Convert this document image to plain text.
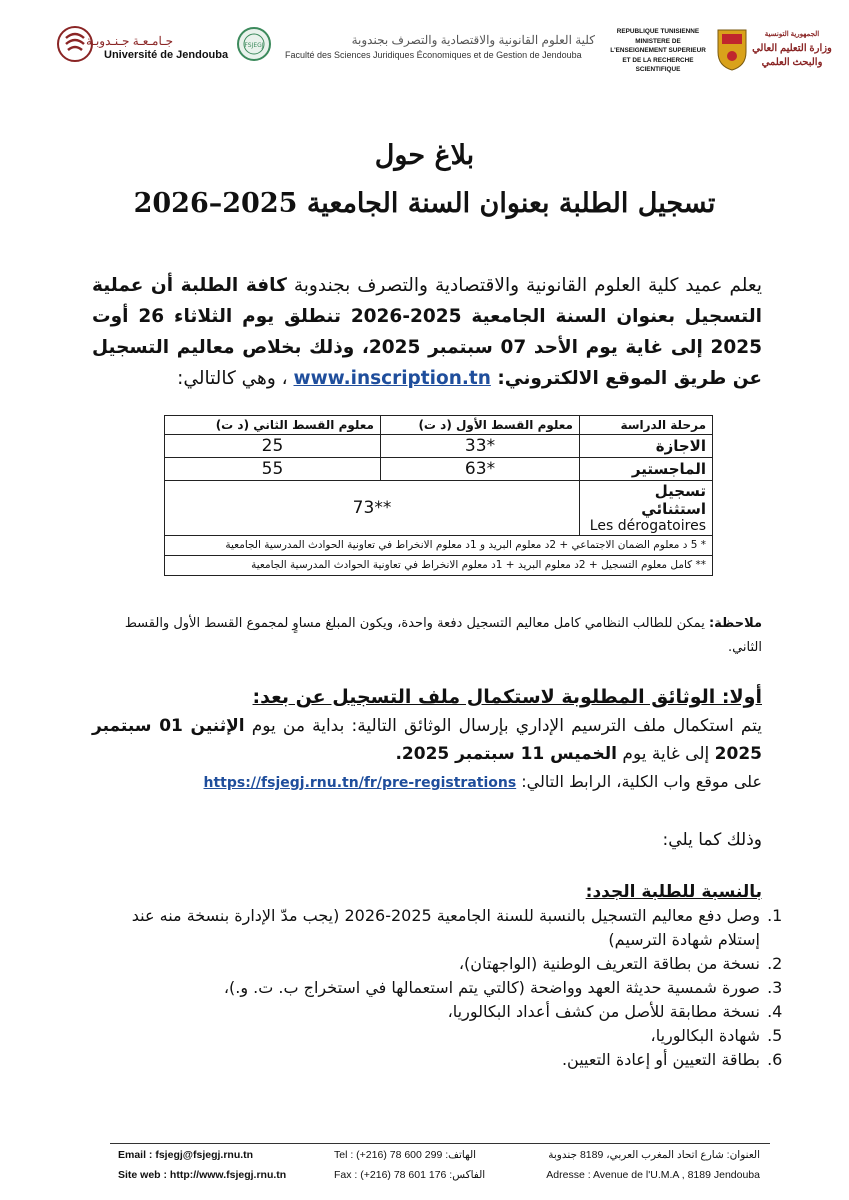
جـامـعـة جـنـدوبـة
Université de Jendouba
FSJEGJ	كلية العلوم القانونية والاقتصادية والتصرف بجندوبة
Faculté des Sciences Juridiques Économiques et de Gestion de Jendouba
REPUBLIQUE TUNISIENNE
MINISTERE DE
L'ENSEIGNEMENT SUPERIEUR
ET DE LA RECHERCHE
SCIENTIFIQUE
الجمهورية التونسية
وزارة التعليم العالي
والبحث العلمي
بلاغ حول
تسجيل الطلبة بعنوان السنة الجامعية 2025–2026
يعلم عميد كلية العلوم القانونية والاقتصادية والتصرف بجندوبة كافة الطلبة أن عملية التسجيل بعنوان السنة الجامعية 2025-2026 تنطلق يوم الثلاثاء 26 أوت 2025 إلى غاية يوم الأحد 07 سبتمبر 2025، وذلك بخلاص معاليم التسجيل عن طريق الموقع الالكتروني: www.inscription.tn ، وهي كالتالي:
مرحلة الدراسة	معلوم القسط الأول (د ت)	معلوم القسط الثاني (د ت)
الاجازة	*33	25
الماجستير	*63	55

تسجيل استثنائي
Les dérogatoires	**73	
* 5 د معلوم الضمان الاجتماعي + 2د معلوم البريد و 1د معلوم الانخراط في تعاونية الحوادث المدرسية الجامعية		
** كامل معلوم التسجيل + 2د معلوم البريد + 1د معلوم الانخراط في تعاونية الحوادث المدرسية الجامعية		
ملاحظة: يمكن للطالب النظامي كامل معاليم التسجيل دفعة واحدة، ويكون المبلغ مساوٍ لمجموع القسط الأول والقسط الثاني.
أولا: الوثائق المطلوبة لاستكمال ملف التسجيل عن بعد:
يتم استكمال ملف الترسيم الإداري بإرسال الوثائق التالية: بداية من يوم الإثنين 01 سبتمبر 2025 إلى غاية يوم الخميس 11 سبتمبر 2025.
على موقع واب الكلية، الرابط التالي: https://fsjegj.rnu.tn/fr/pre-registrations
وذلك كما يلي:
بالنسبة للطلبة الجدد:
1. وصل دفع معاليم التسجيل بالنسبة للسنة الجامعية 2025-2026 (يجب مدّ الإدارة بنسخة منه عند إستلام شهادة الترسيم)
2. نسخة من بطاقة التعريف الوطنية (الواجهتان)،
3. صورة شمسية حديثة العهد وواضحة (كالتي يتم استعمالها في استخراج ب. ت. و.)،
4. نسخة مطابقة للأصل من كشف أعداد البكالوريا،
5. شهادة البكالوريا،
6. بطاقة التعيين أو إعادة التعيين.
Email : fsjegj@fsjegj.rnu.tn
Site web : http://www.fsjegj.rnu.tn
Tel : (+216) 78 600 299 :الهاتف
Fax : (+216) 78 601 176 :الفاكس
العنوان: شارع اتحاد المغرب العربي، 8189 جندوبة
Adresse : Avenue de l'U.M.A , 8189 Jendouba
